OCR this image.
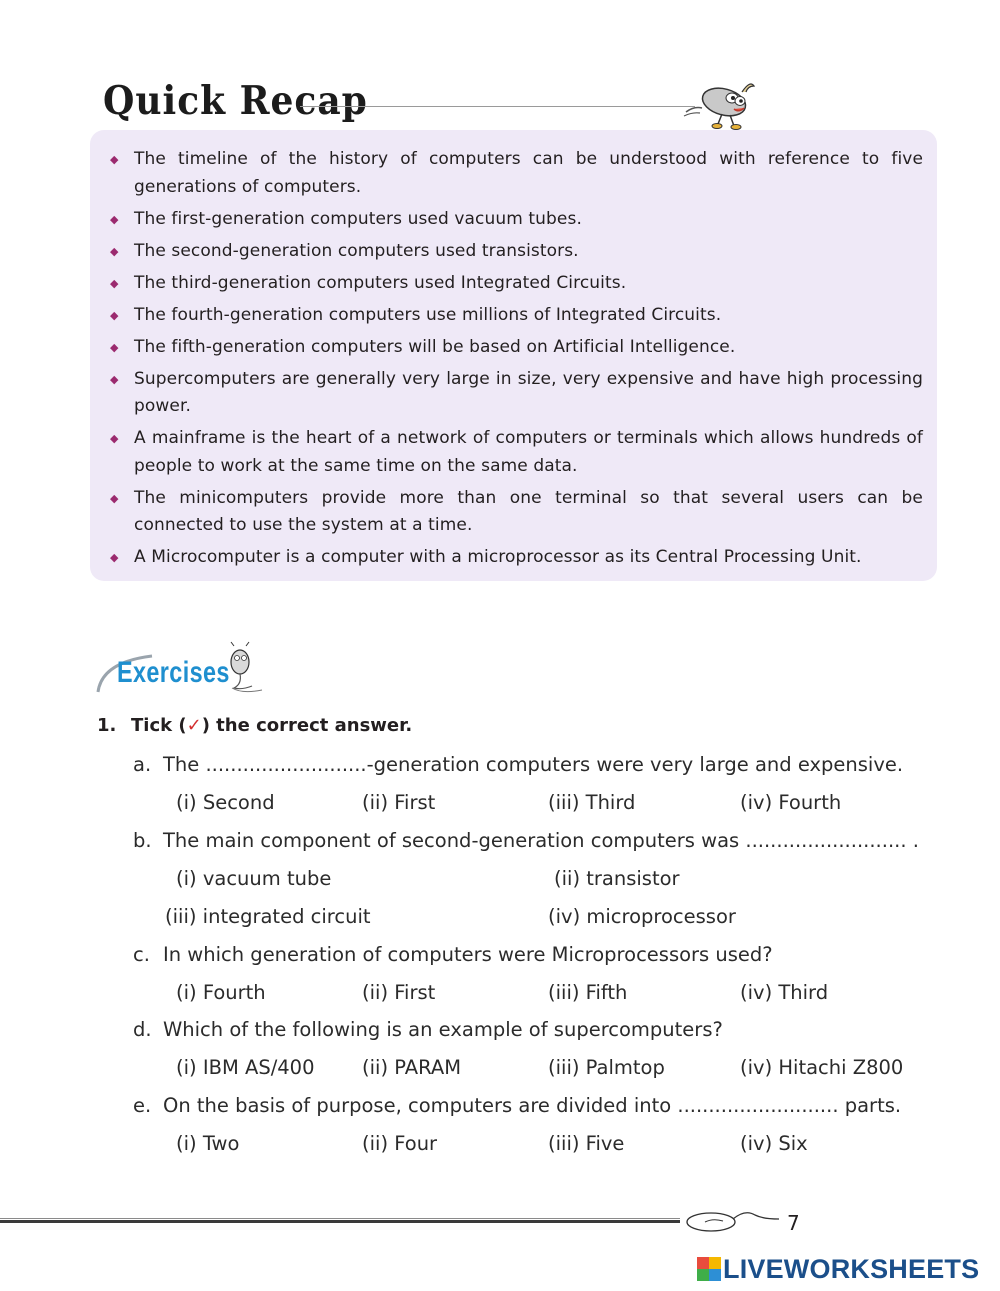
Quick Recap
◆ The timeline of the history of computers can be understood with reference to five generations of computers.
◆ The first-generation computers used vacuum tubes.
◆ The second-generation computers used transistors.
◆ The third-generation computers used Integrated Circuits.
◆ The fourth-generation computers use millions of Integrated Circuits.
◆ The fifth-generation computers will be based on Artificial Intelligence.
◆ Supercomputers are generally very large in size, very expensive and have high processing power.
◆ A mainframe is the heart of a network of computers or terminals which allows hundreds of people to work at the same time on the same data.
◆ The minicomputers provide more than one terminal so that several users can be connected to use the system at a time.
◆ A Microcomputer is a computer with a microprocessor as its Central Processing Unit.
Exercises
1. Tick (✓) the correct answer.
a. The ..........................-generation computers were very large and expensive.
(i) Second	(ii) First	(iii) Third	(iv) Fourth
b. The main component of second-generation computers was .......................... .
(i) vacuum tube	(ii) transistor
(iii) integrated circuit	(iv) microprocessor
c. In which generation of computers were Microprocessors used?
(i) Fourth	(ii) First	(iii) Fifth	(iv) Third
d. Which of the following is an example of supercomputers?
(i) IBM AS/400 (ii) PARAM	(iii) Palmtop	(iv) Hitachi Z800
e. On the basis of purpose, computers are divided into .......................... parts.
(i) Two	(ii) Four	(iii) Five	(iv) Six
7
LIVEWORKSHEETS
